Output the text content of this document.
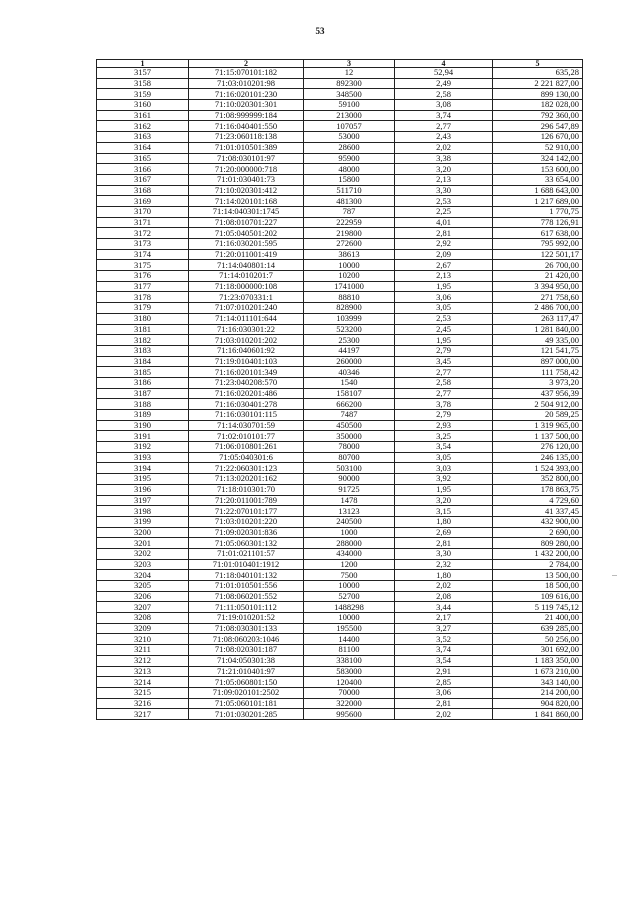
53
1	2	3	4	5
3157	71:15:070101:182	12	52,94	635,28
3158	71:03:010201:98	892300	2,49	2 221 827,00
3159	71:16:020101:230	348500	2,58	899 130,00
3160	71:10:020301:301	59100	3,08	182 028,00
3161	71:08:999999:184	213000	3,74	792 360,00
3162	71:16:040401:550	107057	2,77	296 547,89
3163	71:23:060118:138	53000	2,43	126 670,00
3164	71:01:010501:389	28600	2,02	52 910,00
3165	71:08:030101:97	95900	3,38	324 142,00
3166	71:20:000000:718	48000	3,20	153 600,00
3167	71:01:030401:73	15800	2,13	33 654,00
3168	71:10:020301:412	511710	3,30	1 688 643,00
3169	71:14:020101:168	481300	2,53	1 217 689,00
3170	71:14:040301:1745	787	2,25	1 770,75
3171	71:08:010701:227	222959	4,01	778 126,91
3172	71:05:040501:202	219800	2,81	617 638,00
3173	71:16:030201:595	272600	2,92	795 992,00
3174	71:20:011001:419	38613	2,09	122 501,17
3175	71:14:040801:14	10000	2,67	26 700,00
3176	71:14:010201:7	10200	2,13	21 420,00
3177	71:18:000000:108	1741000	1,95	3 394 950,00
3178	71:23:070331:1	88810	3,06	271 758,60
3179	71:07:010201:240	828900	3,05	2 486 700,00
3180	71:14:011101:644	103999	2,53	263 117,47
3181	71:16:030301:22	523200	2,45	1 281 840,00
3182	71:03:010201:202	25300	1,95	49 335,00
3183	71:16:040601:92	44197	2,79	121 541,75
3184	71:19:010401:103	260000	3,45	897 000,00
3185	71:16:020101:349	40346	2,77	111 758,42
3186	71:23:040208:570	1540	2,58	3 973,20
3187	71:16:020201:486	158107	2,77	437 956,39
3188	71:16:030401:278	666200	3,78	2 504 912,00
3189	71:16:030101:115	7487	2,79	20 589,25
3190	71:14:030701:59	450500	2,93	1 319 965,00
3191	71:02:010101:77	350000	3,25	1 137 500,00
3192	71:06:010801:261	78000	3,54	276 120,00
3193	71:05:040301:6	80700	3,05	246 135,00
3194	71:22:060301:123	503100	3,03	1 524 393,00
3195	71:13:020201:162	90000	3,92	352 800,00
3196	71:18:010301:70	91725	1,95	178 863,75
3197	71:20:011001:789	1478	3,20	4 729,60
3198	71:22:070101:177	13123	3,15	41 337,45
3199	71:03:010201:220	240500	1,80	432 900,00
3200	71:09:020301:836	1000	2,69	2 690,00
3201	71:05:060301:132	288000	2,81	809 280,00
3202	71:01:021101:57	434000	3,30	1 432 200,00
3203	71:01:010401:1912	1200	2,32	2 784,00
3204	71:18:040101:132	7500	1,80	13 500,00
3205	71:01:010501:556	10000	2,02	18 500,00
3206	71:08:060201:552	52700	2,08	109 616,00
3207	71:11:050101:112	1488298	3,44	5 119 745,12
3208	71:19:010201:52	10000	2,17	21 400,00
3209	71:08:030301:133	195500	3,27	639 285,00
3210	71:08:060203:1046	14400	3,52	50 256,00
3211	71:08:020301:187	81100	3,74	301 692,00
3212	71:04:050301:38	338100	3,54	1 183 350,00
3213	71:21:010401:97	583000	2,91	1 673 210,00
3214	71:05:060801:150	120400	2,85	343 140,00
3215	71:09:020101:2502	70000	3,06	214 200,00
3216	71:05:060101:181	322000	2,81	904 820,00
3217	71:01:030201:285	995600	2,02	1 841 860,00
